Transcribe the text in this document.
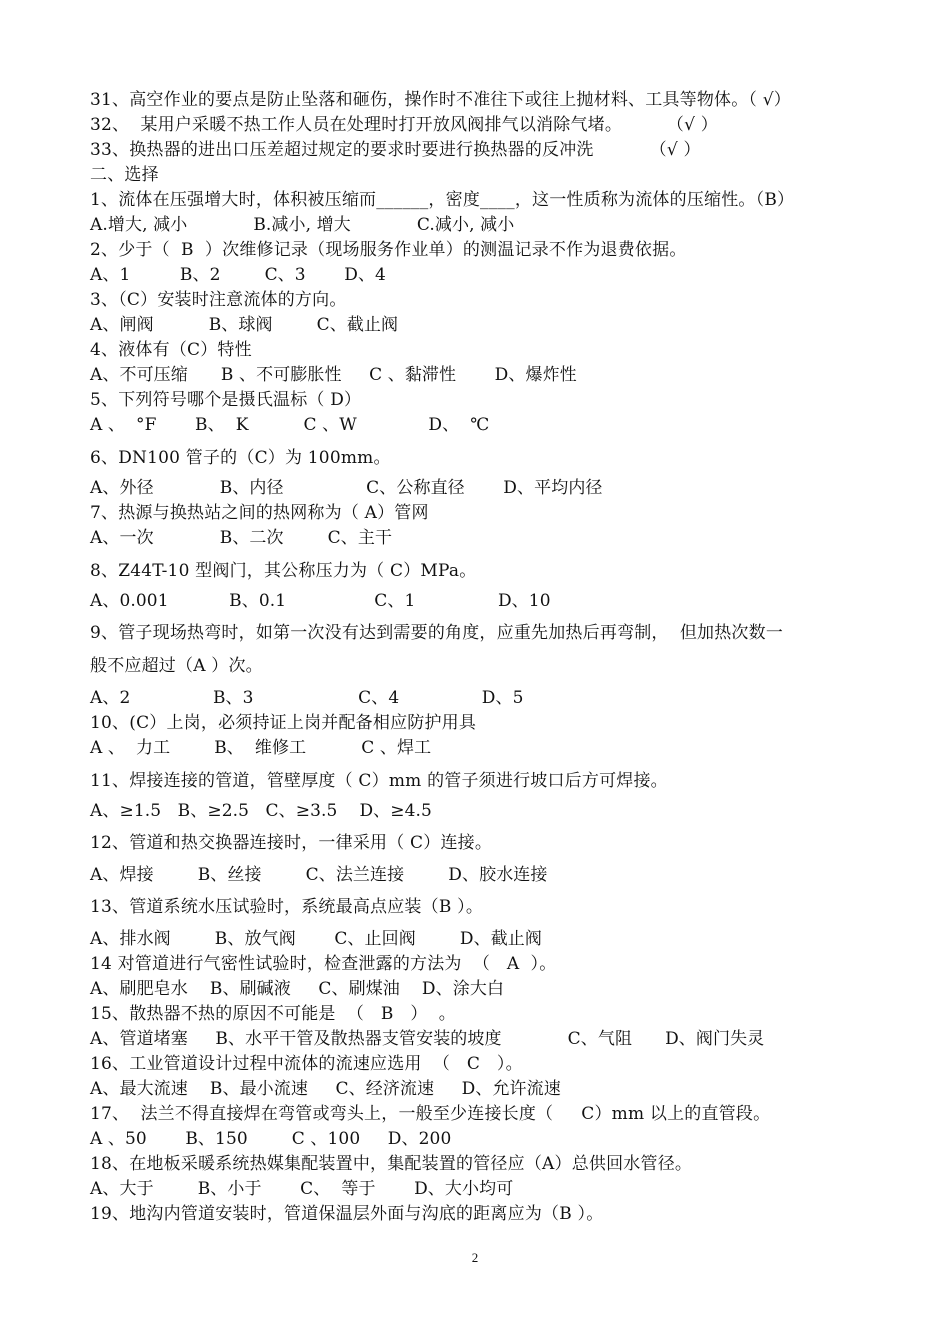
31、高空作业的要点是防止坠落和砸伤，操作时不准往下或往上抛材料、工具等物体。（ √）
32、  某用户采暖不热工作人员在处理时打开放风阀排气以消除气堵。        （√ ）
33、换热器的进出口压差超过规定的要求时要进行换热器的反冲洗          （√ ）
二、选择
1、流体在压强增大时，体积被压缩而______，密度____，这一性质称为流体的压缩性。（B）
A.增大, 减小            B.减小, 增大            C.减小, 减小
2、少于（  B  ）次维修记录（现场服务作业单）的测温记录不作为退费依据。
A、1         B、2        C、3       D、4
3、（C）安装时注意流体的方向。
A、闸阀          B、球阀        C、截止阀
4、液体有（C）特性
A、不可压缩      B 、不可膨胀性     C 、黏滞性       D、爆炸性
5、下列符号哪个是摄氏温标（ D）
A 、  °F       B、  K          C 、W             D、  ℃
6、DN100 管子的（C）为 100mm。
A、外径            B、内径               C、公称直径       D、平均内径
7、热源与换热站之间的热网称为（ A）管网
A、一次            B、二次        C、主干
8、Z44T-10 型阀门，其公称压力为（ C）MPa。
A、0.001           B、0.1                C、1               D、10
9、管子现场热弯时，如第一次没有达到需要的角度，应重先加热后再弯制，  但加热次数一
般不应超过（A ）次。
A、2               B、3                   C、4               D、5
10、(C）上岗，必须持证上岗并配备相应防护用具
A 、  力工        B、  维修工          C 、焊工
11、焊接连接的管道，管壁厚度（ C）mm 的管子须进行坡口后方可焊接。
A、≥1.5   B、≥2.5   C、≥3.5    D、≥4.5
12、管道和热交换器连接时，一律采用（ C）连接。
A、焊接        B、丝接        C、法兰连接        D、胶水连接
13、管道系统水压试验时，系统最高点应装（B ）。
A、排水阀        B、放气阀       C、止回阀        D、截止阀
14 对管道进行气密性试验时，检查泄露的方法为  （   A  ）。
A、刷肥皂水    B、刷碱液     C、刷煤油    D、涂大白
15、散热器不热的原因不可能是  （   B   ）  。
A、管道堵塞     B、水平干管及散热器支管安装的坡度            C、气阻      D、阀门失灵
16、工业管道设计过程中流体的流速应选用  （   C   ）。
A、最大流速    B、最小流速     C、经济流速     D、允许流速
17、  法兰不得直接焊在弯管或弯头上，一般至少连接长度（     C）mm 以上的直管段。
A 、50       B、150        C 、100     D、200
18、在地板采暖系统热媒集配装置中，集配装置的管径应（A）总供回水管径。
A、大于        B、小于       C、  等于       D、大小均可
19、地沟内管道安装时，管道保温层外面与沟底的距离应为（B ）。
2
